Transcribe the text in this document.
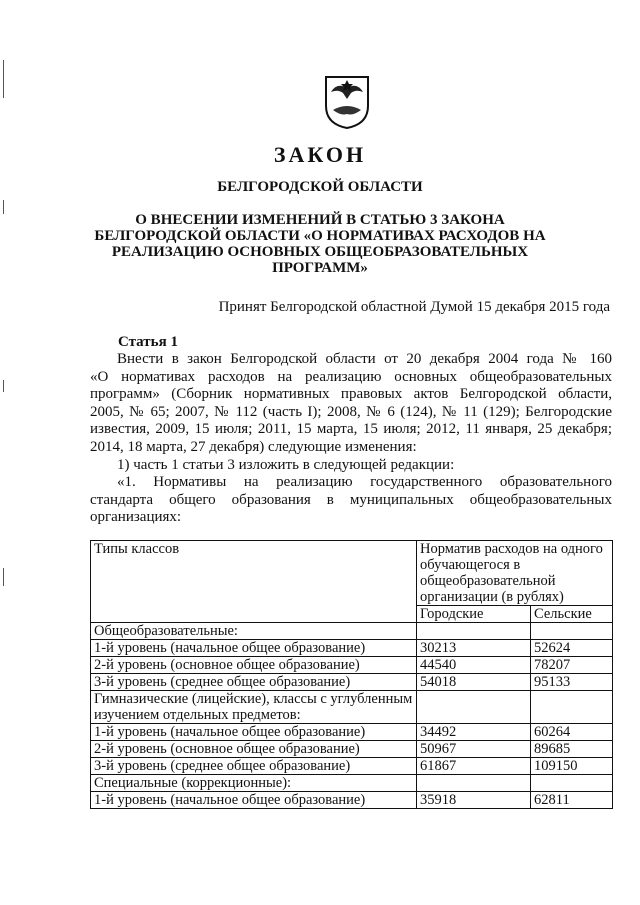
ЗАКОН
БЕЛГОРОДСКОЙ ОБЛАСТИ
О ВНЕСЕНИИ ИЗМЕНЕНИЙ В СТАТЬЮ 3 ЗАКОНА
БЕЛГОРОДСКОЙ ОБЛАСТИ «О НОРМАТИВАХ РАСХОДОВ НА
РЕАЛИЗАЦИЮ ОСНОВНЫХ ОБЩЕОБРАЗОВАТЕЛЬНЫХ
ПРОГРАММ»
Принят Белгородской областной Думой 15 декабря 2015 года
Статья 1

Внести в закон Белгородской области от 20 декабря 2004 года № 160

«О нормативах расходов на реализацию основных общеобразовательных

программ» (Сборник нормативных правовых актов Белгородской области,

2005, № 65; 2007, № 112 (часть I); 2008, № 6 (124), № 11 (129); Белгородские

известия, 2009, 15 июля; 2011, 15 марта, 15 июля; 2012, 11 января, 25 декабря;

2014, 18 марта, 27 декабря) следующие изменения:

1) часть 1 статьи 3 изложить в следующей редакции:

«1. Нормативы на реализацию государственного образовательного

стандарта общего образования в муниципальных общеобразовательных

организациях:

Типы классов	Норматив расходов на одного обучающегося в общеобразовательной организации (в рублях)	
	Городские	Сельские
Общеобразовательные:		
1-й уровень (начальное общее образование)	30213	52624
2-й уровень (основное общее образование)	44540	78207
3-й уровень (среднее общее образование)	54018	95133
Гимназические (лицейские), классы с углубленным изучением отдельных предметов:		
1-й уровень (начальное общее образование)	34492	60264
2-й уровень (основное общее образование)	50967	89685
3-й уровень (среднее общее образование)	61867	109150
Специальные (коррекционные):		
1-й уровень (начальное общее образование)	35918	62811
